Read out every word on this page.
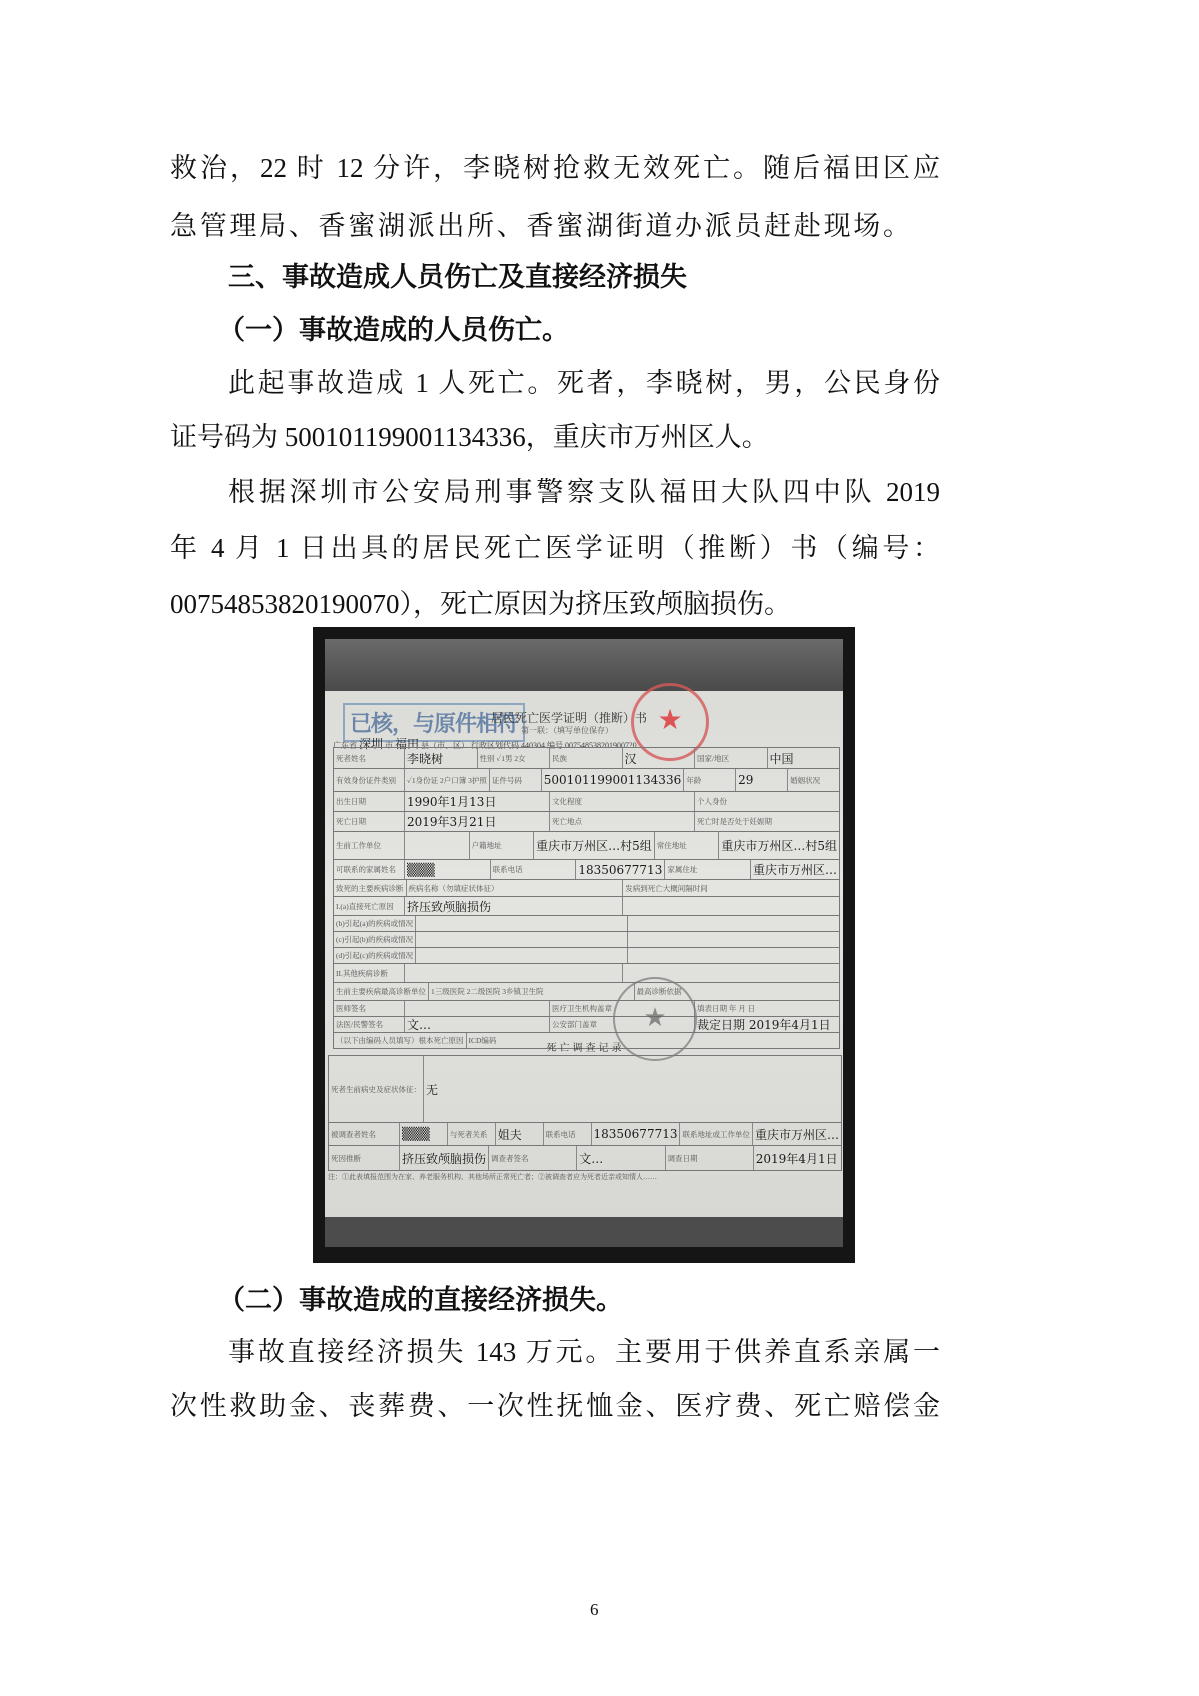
救治，22 时 12 分许，李晓树抢救无效死亡。随后福田区应
急管理局、香蜜湖派出所、香蜜湖街道办派员赶赴现场。
三、事故造成人员伤亡及直接经济损失
（一）事故造成的人员伤亡。
此起事故造成 1 人死亡。死者，李晓树，男，公民身份
证号码为 500101199001134336，重庆市万州区人。
根据深圳市公安局刑事警察支队福田大队四中队 2019
年 4 月 1 日出具的居民死亡医学证明（推断）书（编号：
00754853820190070），死亡原因为挤压致颅脑损伤。
已核，与原件相符
居民死亡医学证明（推断）书
第一联：（填写单位保存）	★
广东省 深圳 市 福田 县（市、区） 行政区划代码 440304 编号 0075485382019007?0
死者姓名	李晓树	性别 ✓1男 2女	民族	汉	国家/地区	中国
有效身份证件类别	✓1身份证 2户口簿 3护照 证件号码	500101199001134336 年龄	29	婚姻状况
出生日期	1990年1月13日	文化程度	个人身份
死亡日期	2019年3月21日	死亡地点	死亡时是否处于妊娠期
生前工作单位	户籍地址	重庆市万州区…村5组 常住地址	重庆市万州区…村5组
可联系的家属姓名 ▒▒▒	联系电话	18350677713 家属住址	重庆市万州区…
致死的主要疾病诊断 疾病名称（勿填症状体征）	发病到死亡大概间隔时间
I.(a)直接死亡原因	挤压致颅脑损伤
(b)引起(a)的疾病或情况
(c)引起(b)的疾病或情况
(d)引起(c)的疾病或情况
II.其他疾病诊断
生前主要疾病最高诊断单位 1三级医院 2二级医院 3乡镇卫生院	最高诊断依据
医师签名	医疗卫生机构盖章	填表日期 年 月 日
法医/民警签名	文…	公安部门盖章	裁定日期 2019年4月1日
（以下由编码人员填写）根本死亡原因 ICD编码
死亡调查记录
死者生前病史及症状体征： 无
被调查者姓名	▒▒▒	与死者关系 姐夫	联系电话	18350677713 联系地址或工作单位 重庆市万州区…
死因推断	挤压致颅脑损伤 调查者签名	文…	调查日期	2019年4月1日
★
注：①此表填报范围为在家、养老服务机构、其他场所正常死亡者；②被调查者应为死者近亲或知情人……
（二）事故造成的直接经济损失。
事故直接经济损失 143 万元。主要用于供养直系亲属一
次性救助金、丧葬费、一次性抚恤金、医疗费、死亡赔偿金
6
